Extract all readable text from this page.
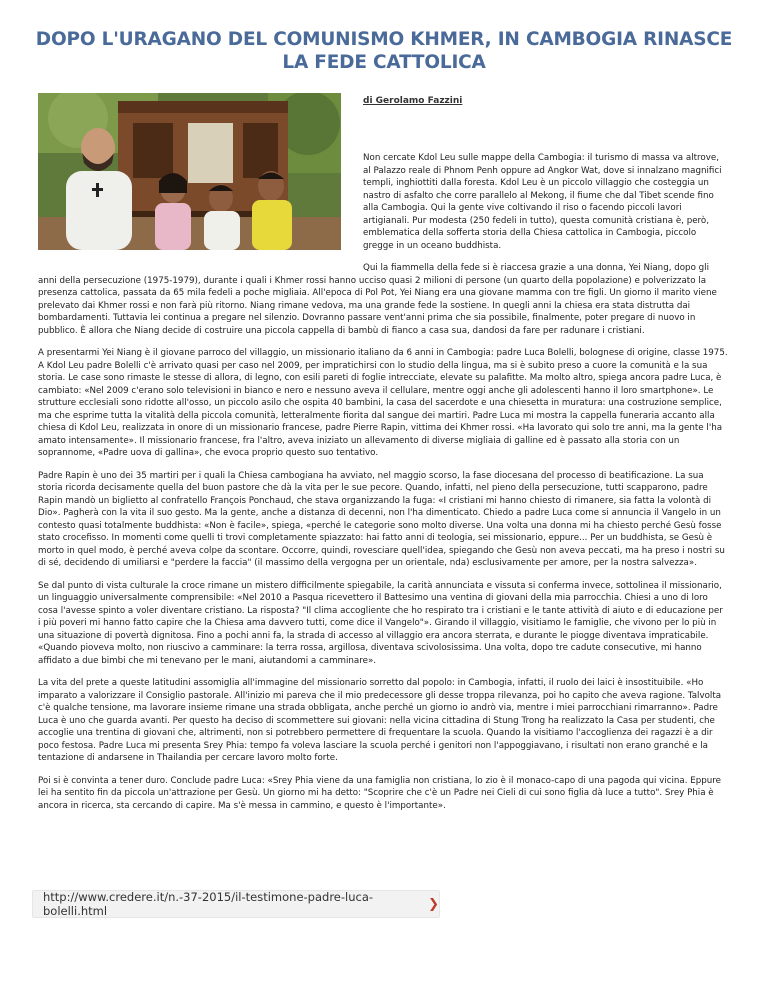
DOPO L'URAGANO DEL COMUNISMO KHMER, IN CAMBOGIA RINASCE LA FEDE CATTOLICA
di Gerolamo Fazzini

Non cercate Kdol Leu sulle mappe della Cambogia: il turismo di massa va altrove, al Palazzo reale di Phnom Penh oppure ad Angkor Wat, dove si innalzano magnifici templi, inghiottiti dalla foresta. Kdol Leu è un piccolo villaggio che costeggia un nastro di asfalto che corre parallelo al Mekong, il fiume che dal Tibet scende fino alla Cambogia. Qui la gente vive coltivando il riso o facendo piccoli lavori artigianali. Pur modesta (250 fedeli in tutto), questa comunità cristiana è, però, emblematica della sofferta storia della Chiesa cattolica in Cambogia, piccolo gregge in un oceano buddhista.

Qui la fiammella della fede si è riaccesa grazie a una donna, Yei Niang, dopo gli anni della persecuzione (1975-1979), durante i quali i Khmer rossi hanno ucciso quasi 2 milioni di persone (un quarto della popolazione) e polverizzato la presenza cattolica, passata da 65 mila fedeli a poche migliaia. All'epoca di Pol Pot, Yei Niang era una giovane mamma con tre figli. Un giorno il marito viene prelevato dai Khmer rossi e non farà più ritorno. Niang rimane vedova, ma una grande fede la sostiene. In quegli anni la chiesa era stata distrutta dai bombardamenti. Tuttavia lei continua a pregare nel silenzio. Dovranno passare vent'anni prima che sia possibile, finalmente, poter pregare di nuovo in pubblico. È allora che Niang decide di costruire una piccola cappella di bambù di fianco a casa sua, dandosi da fare per radunare i cristiani.

A presentarmi Yei Niang è il giovane parroco del villaggio, un missionario italiano da 6 anni in Cambogia: padre Luca Bolelli, bolognese di origine, classe 1975. A Kdol Leu padre Bolelli c'è arrivato quasi per caso nel 2009, per impratichirsi con lo studio della lingua, ma si è subito preso a cuore la comunità e la sua storia. Le case sono rimaste le stesse di allora, di legno, con esili pareti di foglie intrecciate, elevate su palafitte. Ma molto altro, spiega ancora padre Luca, è cambiato: «Nel 2009 c'erano solo televisioni in bianco e nero e nessuno aveva il cellulare, mentre oggi anche gli adolescenti hanno il loro smartphone». Le strutture ecclesiali sono ridotte all'osso, un piccolo asilo che ospita 40 bambini, la casa del sacerdote e una chiesetta in muratura: una costruzione semplice, ma che esprime tutta la vitalità della piccola comunità, letteralmente fiorita dal sangue dei martiri. Padre Luca mi mostra la cappella funeraria accanto alla chiesa di Kdol Leu, realizzata in onore di un missionario francese, padre Pierre Rapin, vittima dei Khmer rossi. «Ha lavorato qui solo tre anni, ma la gente l'ha amato intensamente». Il missionario francese, fra l'altro, aveva iniziato un allevamento di diverse migliaia di galline ed è passato alla storia con un soprannome, «Padre uova di gallina», che evoca proprio questo suo tentativo.

Padre Rapin è uno dei 35 martiri per i quali la Chiesa cambogiana ha avviato, nel maggio scorso, la fase diocesana del processo di beatificazione. La sua storia ricorda decisamente quella del buon pastore che dà la vita per le sue pecore. Quando, infatti, nel pieno della persecuzione, tutti scapparono, padre Rapin mandò un biglietto al confratello François Ponchaud, che stava organizzando la fuga: «I cristiani mi hanno chiesto di rimanere, sia fatta la volontà di Dio». Pagherà con la vita il suo gesto. Ma la gente, anche a distanza di decenni, non l'ha dimenticato. Chiedo a padre Luca come si annuncia il Vangelo in un contesto quasi totalmente buddhista: «Non è facile», spiega, «perché le categorie sono molto diverse. Una volta una donna mi ha chiesto perché Gesù fosse stato crocefisso. In momenti come quelli ti trovi completamente spiazzato: hai fatto anni di teologia, sei missionario, eppure... Per un buddhista, se Gesù è morto in quel modo, è perché aveva colpe da scontare. Occorre, quindi, rovesciare quell'idea, spiegando che Gesù non aveva peccati, ma ha preso i nostri su di sé, decidendo di umiliarsi e "perdere la faccia" (il massimo della vergogna per un orientale, nda) esclusivamente per amore, per la nostra salvezza».

Se dal punto di vista culturale la croce rimane un mistero difficilmente spiegabile, la carità annunciata e vissuta si conferma invece, sottolinea il missionario, un linguaggio universalmente comprensibile: «Nel 2010 a Pasqua ricevettero il Battesimo una ventina di giovani della mia parrocchia. Chiesi a uno di loro cosa l'avesse spinto a voler diventare cristiano. La risposta? "Il clima accogliente che ho respirato tra i cristiani e le tante attività di aiuto e di educazione per i più poveri mi hanno fatto capire che la Chiesa ama davvero tutti, come dice il Vangelo"». Girando il villaggio, visitiamo le famiglie, che vivono per lo più in una situazione di povertà dignitosa. Fino a pochi anni fa, la strada di accesso al villaggio era ancora sterrata, e durante le piogge diventava impraticabile. «Quando pioveva molto, non riuscivo a camminare: la terra rossa, argillosa, diventava scivolosissima. Una volta, dopo tre cadute consecutive, mi hanno affidato a due bimbi che mi tenevano per le mani, aiutandomi a camminare».

La vita del prete a queste latitudini assomiglia all'immagine del missionario sorretto dal popolo: in Cambogia, infatti, il ruolo dei laici è insostituibile. «Ho imparato a valorizzare il Consiglio pastorale. All'inizio mi pareva che il mio predecessore gli desse troppa rilevanza, poi ho capito che aveva ragione. Talvolta c'è qualche tensione, ma lavorare insieme rimane una strada obbligata, anche perché un giorno io andrò via, mentre i miei parrocchiani rimarranno». Padre Luca è uno che guarda avanti. Per questo ha deciso di scommettere sui giovani: nella vicina cittadina di Stung Trong ha realizzato la Casa per studenti, che accoglie una trentina di giovani che, altrimenti, non si potrebbero permettere di frequentare la scuola. Quando la visitiamo l'accoglienza dei ragazzi è a dir poco festosa. Padre Luca mi presenta Srey Phia: tempo fa voleva lasciare la scuola perché i genitori non l'appoggiavano, i risultati non erano granché e la tentazione di andarsene in Thailandia per cercare lavoro molto forte.

Poi si è convinta a tener duro. Conclude padre Luca: «Srey Phia viene da una famiglia non cristiana, lo zio è il monaco-capo di una pagoda qui vicina. Eppure lei ha sentito fin da piccola un'attrazione per Gesù. Un giorno mi ha detto: "Scoprire che c'è un Padre nei Cieli di cui sono figlia dà luce a tutto". Srey Phia è ancora in ricerca, sta cercando di capire. Ma s'è messa in cammino, e questo è l'importante».

http://www.credere.it/n.-37-2015/il-testimone-padre-luca-bolelli.html	❯
